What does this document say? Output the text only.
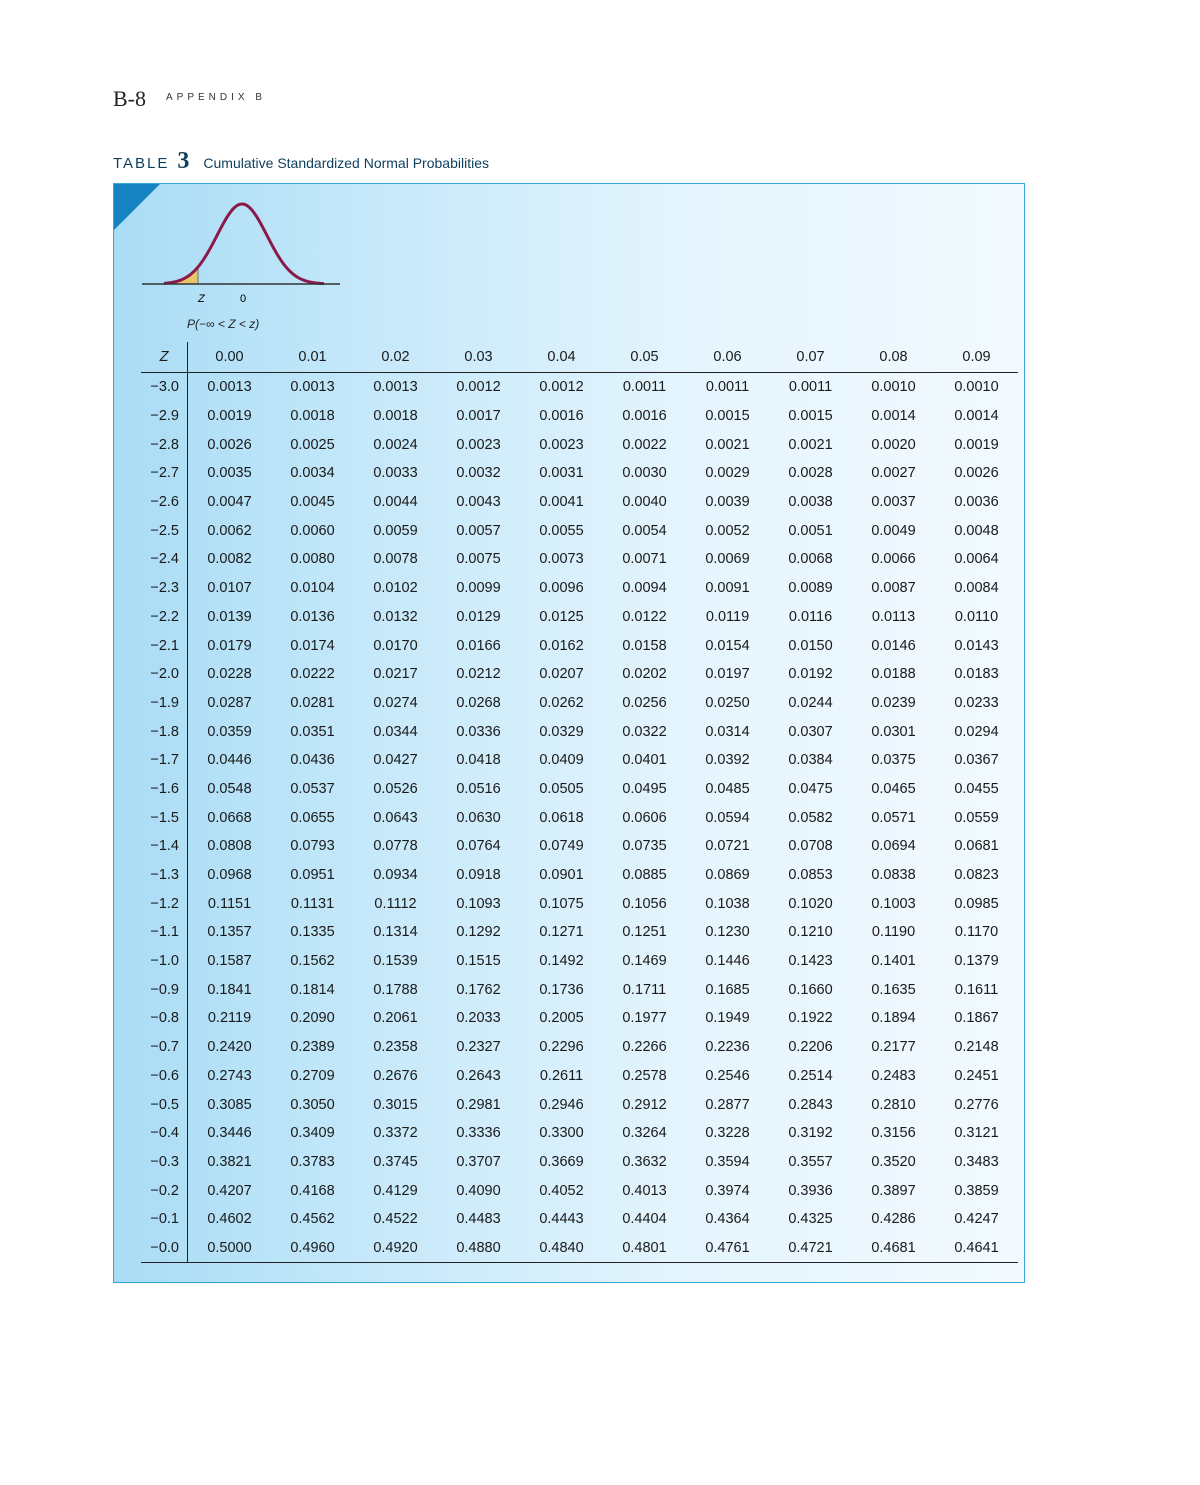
B-8 APPENDIX B
TABLE 3 Cumulative Standardized Normal Probabilities
Z	0
P(−∞ < Z < z)
Z	0.00	0.01	0.02	0.03	0.04	0.05	0.06	0.07	0.08	0.09
−3.0	0.0013	0.0013	0.0013	0.0012	0.0012	0.0011	0.0011	0.0011	0.0010	0.0010
−2.9	0.0019	0.0018	0.0018	0.0017	0.0016	0.0016	0.0015	0.0015	0.0014	0.0014
−2.8	0.0026	0.0025	0.0024	0.0023	0.0023	0.0022	0.0021	0.0021	0.0020	0.0019
−2.7	0.0035	0.0034	0.0033	0.0032	0.0031	0.0030	0.0029	0.0028	0.0027	0.0026
−2.6	0.0047	0.0045	0.0044	0.0043	0.0041	0.0040	0.0039	0.0038	0.0037	0.0036
−2.5	0.0062	0.0060	0.0059	0.0057	0.0055	0.0054	0.0052	0.0051	0.0049	0.0048
−2.4	0.0082	0.0080	0.0078	0.0075	0.0073	0.0071	0.0069	0.0068	0.0066	0.0064
−2.3	0.0107	0.0104	0.0102	0.0099	0.0096	0.0094	0.0091	0.0089	0.0087	0.0084
−2.2	0.0139	0.0136	0.0132	0.0129	0.0125	0.0122	0.0119	0.0116	0.0113	0.0110
−2.1	0.0179	0.0174	0.0170	0.0166	0.0162	0.0158	0.0154	0.0150	0.0146	0.0143
−2.0	0.0228	0.0222	0.0217	0.0212	0.0207	0.0202	0.0197	0.0192	0.0188	0.0183
−1.9	0.0287	0.0281	0.0274	0.0268	0.0262	0.0256	0.0250	0.0244	0.0239	0.0233
−1.8	0.0359	0.0351	0.0344	0.0336	0.0329	0.0322	0.0314	0.0307	0.0301	0.0294
−1.7	0.0446	0.0436	0.0427	0.0418	0.0409	0.0401	0.0392	0.0384	0.0375	0.0367
−1.6	0.0548	0.0537	0.0526	0.0516	0.0505	0.0495	0.0485	0.0475	0.0465	0.0455
−1.5	0.0668	0.0655	0.0643	0.0630	0.0618	0.0606	0.0594	0.0582	0.0571	0.0559
−1.4	0.0808	0.0793	0.0778	0.0764	0.0749	0.0735	0.0721	0.0708	0.0694	0.0681
−1.3	0.0968	0.0951	0.0934	0.0918	0.0901	0.0885	0.0869	0.0853	0.0838	0.0823
−1.2	0.1151	0.1131	0.1112	0.1093	0.1075	0.1056	0.1038	0.1020	0.1003	0.0985
−1.1	0.1357	0.1335	0.1314	0.1292	0.1271	0.1251	0.1230	0.1210	0.1190	0.1170
−1.0	0.1587	0.1562	0.1539	0.1515	0.1492	0.1469	0.1446	0.1423	0.1401	0.1379
−0.9	0.1841	0.1814	0.1788	0.1762	0.1736	0.1711	0.1685	0.1660	0.1635	0.1611
−0.8	0.2119	0.2090	0.2061	0.2033	0.2005	0.1977	0.1949	0.1922	0.1894	0.1867
−0.7	0.2420	0.2389	0.2358	0.2327	0.2296	0.2266	0.2236	0.2206	0.2177	0.2148
−0.6	0.2743	0.2709	0.2676	0.2643	0.2611	0.2578	0.2546	0.2514	0.2483	0.2451
−0.5	0.3085	0.3050	0.3015	0.2981	0.2946	0.2912	0.2877	0.2843	0.2810	0.2776
−0.4	0.3446	0.3409	0.3372	0.3336	0.3300	0.3264	0.3228	0.3192	0.3156	0.3121
−0.3	0.3821	0.3783	0.3745	0.3707	0.3669	0.3632	0.3594	0.3557	0.3520	0.3483
−0.2	0.4207	0.4168	0.4129	0.4090	0.4052	0.4013	0.3974	0.3936	0.3897	0.3859
−0.1	0.4602	0.4562	0.4522	0.4483	0.4443	0.4404	0.4364	0.4325	0.4286	0.4247
−0.0	0.5000	0.4960	0.4920	0.4880	0.4840	0.4801	0.4761	0.4721	0.4681	0.4641
